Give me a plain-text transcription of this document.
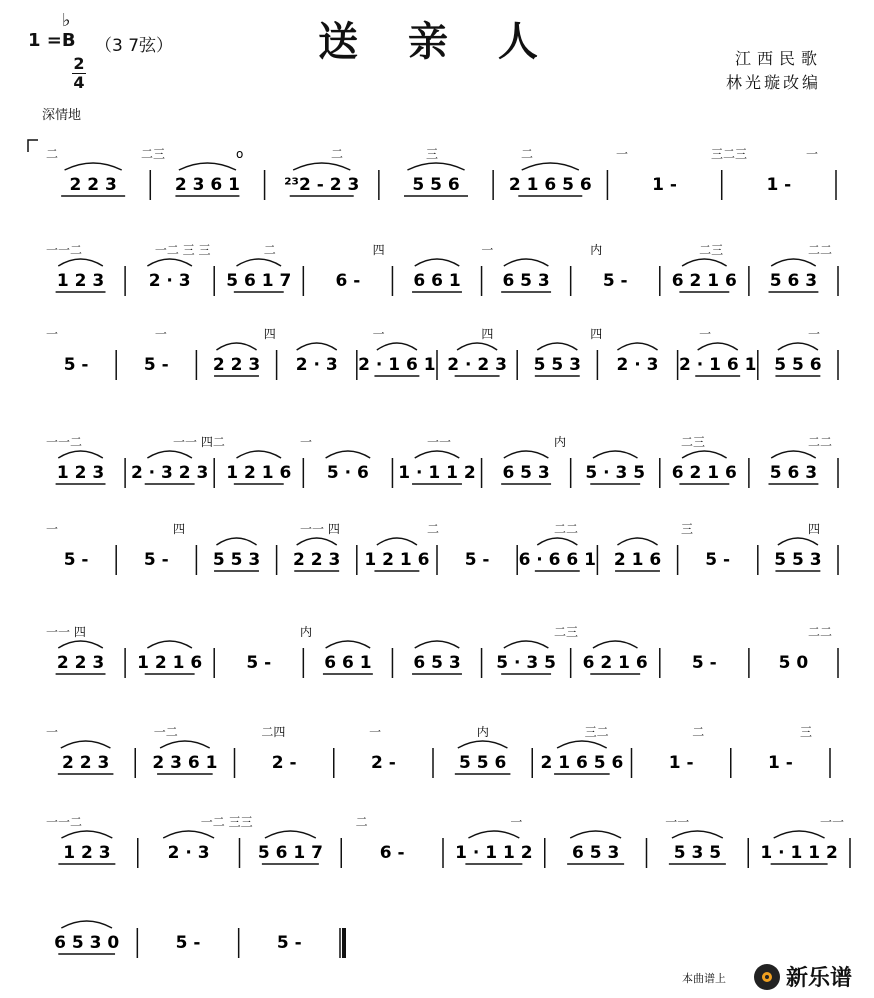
送 亲 人
1 =B
♭
（3 7弦）
2
4
深情地
江西民歌
林光璇改编
二	二三	ο	二	三	二	一	三二三	一
2 2 3	2 3 6 1	²³2 - 2 3	5 5 6	2 1 6 5 6	1 -	1 -
一一二	一二 三 三	二	四	一	内	二三	二二
1 2 3	2 · 3 5 6 1 7	6 -	6 6 1 6 5 3	5 -	6 2 1 6 5 6 3
一	一	四	一	四	四	一	一
5 -	5 -	2 2 3 2 · 3 2 · 1 6 1 2 · 2 3 5 5 3 2 · 3 2 · 1 6 1 5 5 6
一一二	一一 四二	一	一一	内	二三	二二
1 2 3 2 · 3 2 3 1 2 1 6 5 · 6 1 · 1 1 2 6 5 3 5 · 3 5 6 2 1 6 5 6 3
一	四	一一 四	二	二二	三	四
5 -	5 -	5 5 3 2 2 3 1 2 1 6 5 - 6 · 6 6 1 2 1 6	5 -	5 5 3
一一 四	内	二三	二二
2 2 3 1 2 1 6	5 -	6 6 1 6 5 3 5 · 3 5 6 2 1 6	5 -	5 0
一	一二	二四	一	内	三二	二	三
2 2 3	2 3 6 1	2 -	2 -	5 5 6 2 1 6 5 6	1 -	1 -
一一二	一二 三三	二	一	一一	一一
1 2 3	2 · 3	5 6 1 7	6 -	1 · 1 1 2 6 5 3	5 3 5 1 · 1 1 2
6 5 3 0	5 -	5 -
本曲谱上	新乐谱
